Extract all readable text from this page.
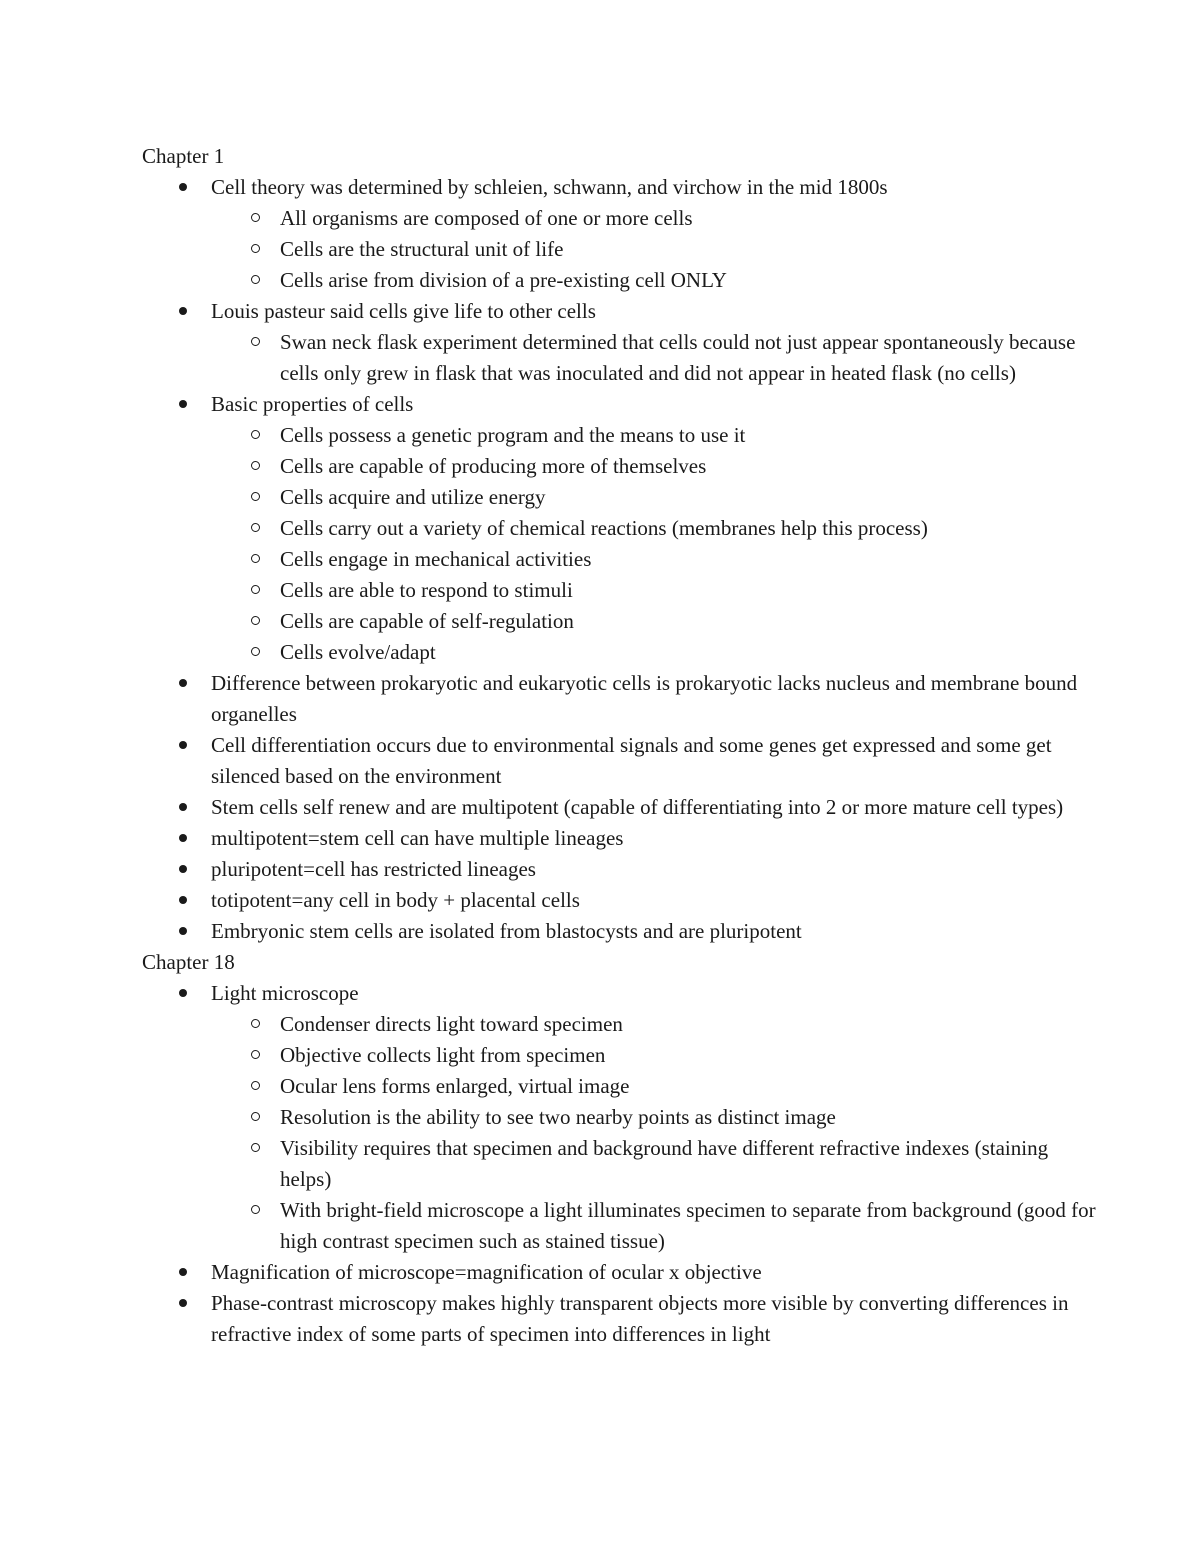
Chapter 1
Cell theory was determined by schleien, schwann, and virchow in the mid 1800s
All organisms are composed of one or more cells
Cells are the structural unit of life
Cells arise from division of a pre-existing cell ONLY
Louis pasteur said cells give life to other cells
Swan neck flask experiment determined that cells could not just appear spontaneously because cells only grew in flask that was inoculated and did not appear in heated flask (no cells)
Basic properties of cells
Cells possess a genetic program and the means to use it
Cells are capable of producing more of themselves
Cells acquire and utilize energy
Cells carry out a variety of chemical reactions (membranes help this process)
Cells engage in mechanical activities
Cells are able to respond to stimuli
Cells are capable of self-regulation
Cells evolve/adapt
Difference between prokaryotic and eukaryotic cells is prokaryotic lacks nucleus and membrane bound organelles
Cell differentiation occurs due to environmental signals and some genes get expressed and some get silenced based on the environment
Stem cells self renew and are multipotent (capable of differentiating into 2 or more mature cell types)
multipotent=stem cell can have multiple lineages
pluripotent=cell has restricted lineages
totipotent=any cell in body + placental cells
Embryonic stem cells are isolated from blastocysts and are pluripotent
Chapter 18
Light microscope
Condenser directs light toward specimen
Objective collects light from specimen
Ocular lens forms enlarged, virtual image
Resolution is the ability to see two nearby points as distinct image
Visibility requires that specimen and background have different refractive indexes (staining helps)
With bright-field microscope a light illuminates specimen to separate from background (good for high contrast specimen such as stained tissue)
Magnification of microscope=magnification of ocular x objective
Phase-contrast microscopy makes highly transparent objects more visible by converting differences in refractive index of some parts of specimen into differences in light
